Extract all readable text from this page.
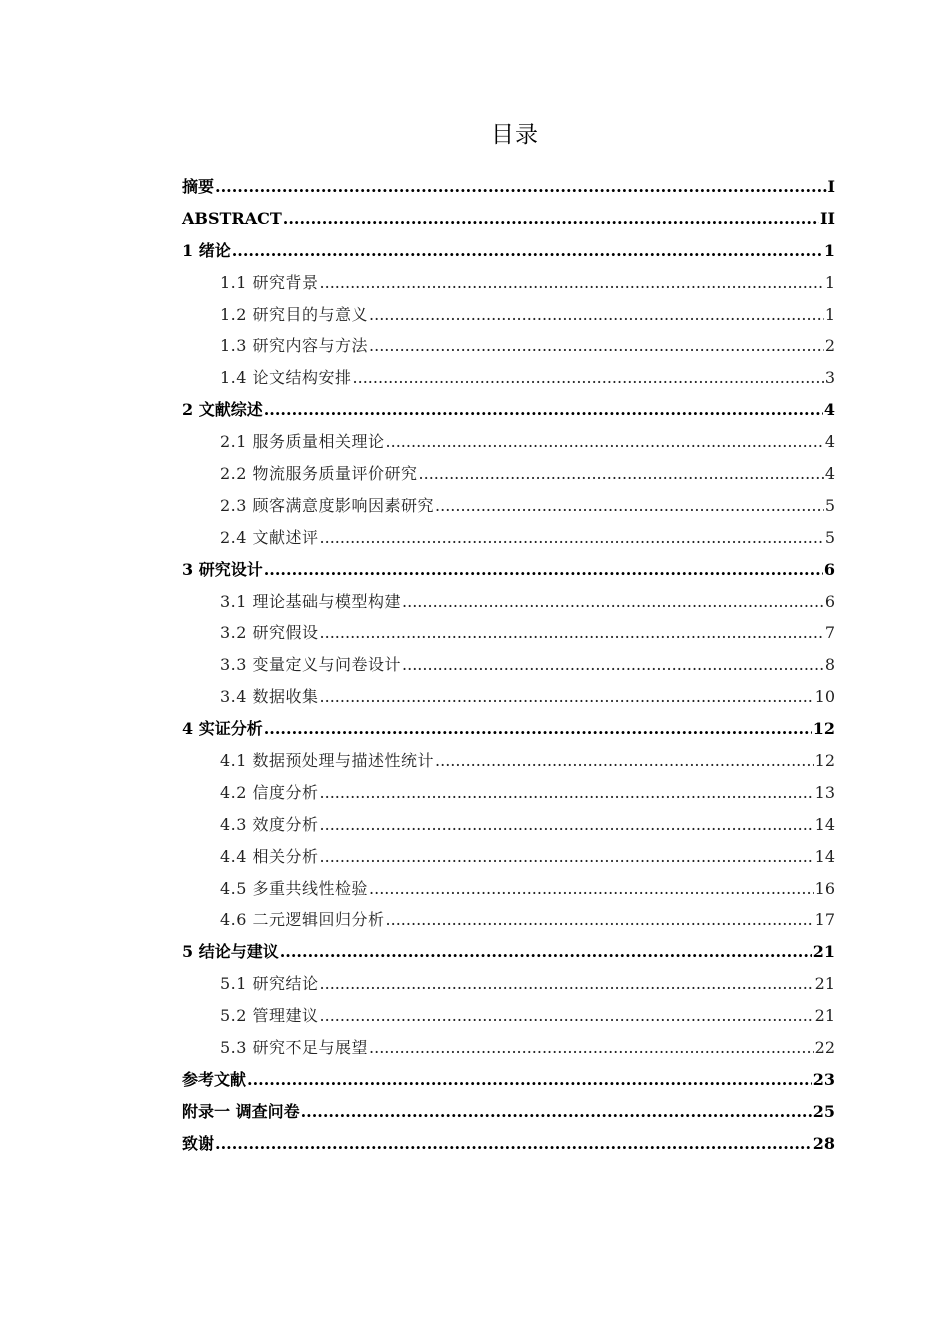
目录
摘要 .....	I
ABSTRACT .....	II
1 绪论 .....	1
1.1 研究背景 .....	1
1.2 研究目的与意义 .....	1
1.3 研究内容与方法 .....	2
1.4 论文结构安排 .....	3
2 文献综述 .....	4
2.1 服务质量相关理论 .....	4
2.2 物流服务质量评价研究 .....	4
2.3 顾客满意度影响因素研究 .....	5
2.4 文献述评 .....	5
3 研究设计 .....	6
3.1 理论基础与模型构建 .....	6
3.2 研究假设 .....	7
3.3 变量定义与问卷设计 .....	8
3.4 数据收集 .....	10
4 实证分析 .....	12
4.1 数据预处理与描述性统计 .....	12
4.2 信度分析 .....	13
4.3 效度分析 .....	14
4.4 相关分析 .....	14
4.5 多重共线性检验 .....	16
4.6 二元逻辑回归分析 .....	17
5 结论与建议 .....	21
5.1 研究结论 .....	21
5.2 管理建议 .....	21
5.3 研究不足与展望 .....	22
参考文献 .....	23
附录一 调查问卷 .....	25
致谢 .....	28
